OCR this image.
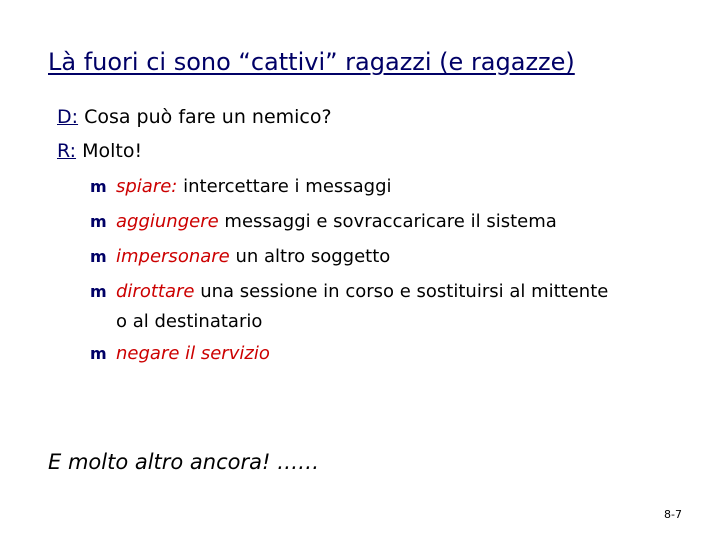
Là fuori ci sono “cattivi” ragazzi (e ragazze)
D: Cosa può fare un nemico?
R: Molto!
m spiare: intercettare i messaggi
m aggiungere messaggi e sovraccaricare il sistema
m impersonare un altro soggetto
m dirottare una sessione in corso e sostituirsi al mittente o al destinatario
m negare il servizio
E molto altro ancora! ……
8-7
